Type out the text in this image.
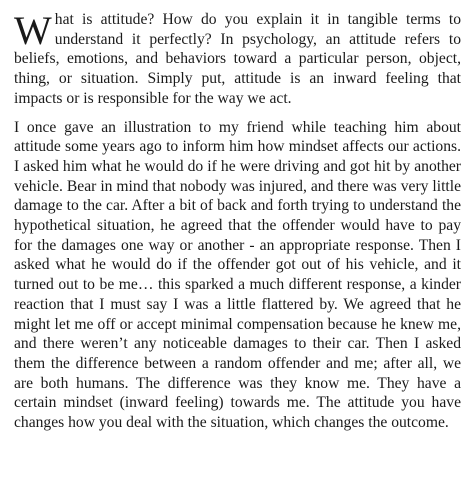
What is attitude? How do you explain it in tangible terms to understand it perfectly? In psychology, an attitude refers to beliefs, emotions, and behaviors toward a particular person, object, thing, or situation. Simply put, attitude is an inward feeling that impacts or is responsible for the way we act.

I once gave an illustration to my friend while teaching him about attitude some years ago to inform him how mindset affects our actions. I asked him what he would do if he were driving and got hit by another vehicle. Bear in mind that nobody was injured, and there was very little damage to the car. After a bit of back and forth trying to understand the hypothetical situation, he agreed that the offender would have to pay for the damages one way or another - an appropriate response. Then I asked what he would do if the offender got out of his vehicle, and it turned out to be me… this sparked a much different response, a kinder reaction that I must say I was a little flattered by. We agreed that he might let me off or accept minimal compensation because he knew me, and there weren’t any noticeable damages to their car. Then I asked them the difference between a random offender and me; after all, we are both humans. The difference was they know me. They have a certain mindset (inward feeling) towards me. The attitude you have changes how you deal with the situation, which changes the outcome.
